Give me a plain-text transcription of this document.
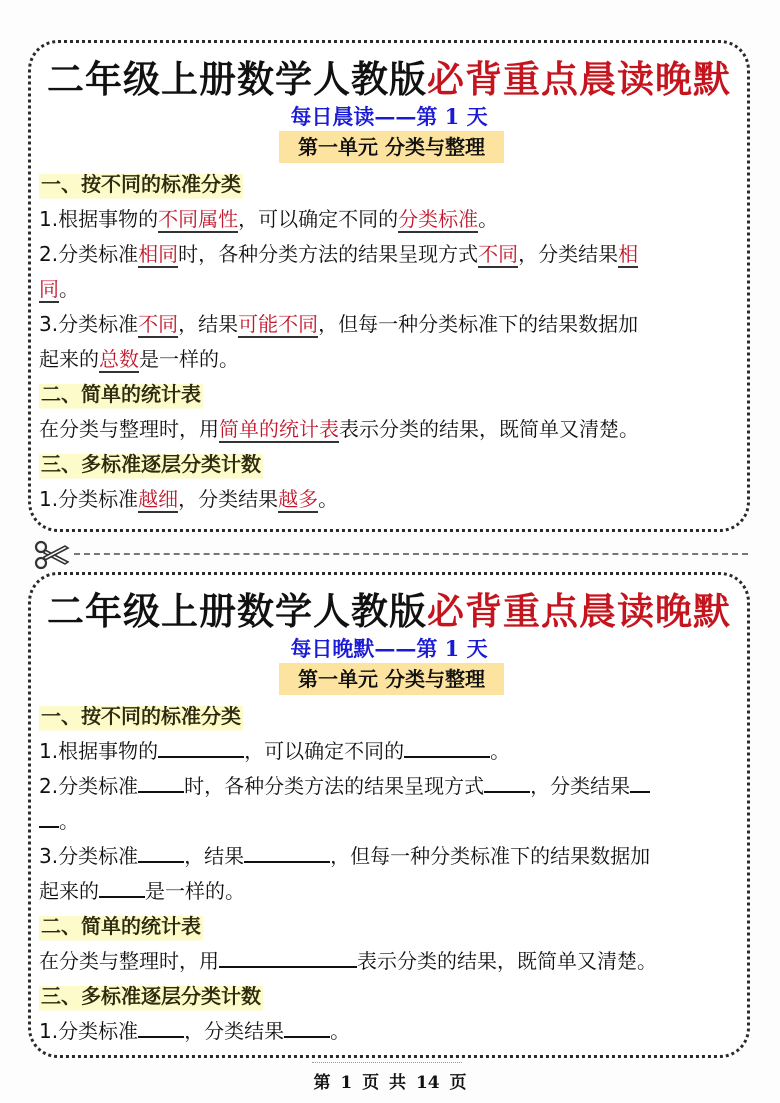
二年级上册数学人教版必背重点晨读晚默
每日晨读——第 1 天
第一单元 分类与整理
一、按不同的标准分类
1.根据事物的不同属性，可以确定不同的分类标准。
2.分类标准相同时，各种分类方法的结果呈现方式不同，分类结果相
同。
3.分类标准不同，结果可能不同，但每一种分类标准下的结果数据加
起来的总数是一样的。
二、简单的统计表
在分类与整理时，用简单的统计表表示分类的结果，既简单又清楚。
三、多标准逐层分类计数
1.分类标准越细，分类结果越多。
二年级上册数学人教版必背重点晨读晚默
每日晚默——第 1 天
第一单元 分类与整理
一、按不同的标准分类
1.根据事物的	，可以确定不同的	。
2.分类标准 时，各种分类方法的结果呈现方式 ，分类结果
。
3.分类标准 ，结果	，但每一种分类标准下的结果数据加
起来的 是一样的。
二、简单的统计表
在分类与整理时，用	表示分类的结果，既简单又清楚。
三、多标准逐层分类计数
1.分类标准 ，分类结果 。
第 1 页 共 14 页
